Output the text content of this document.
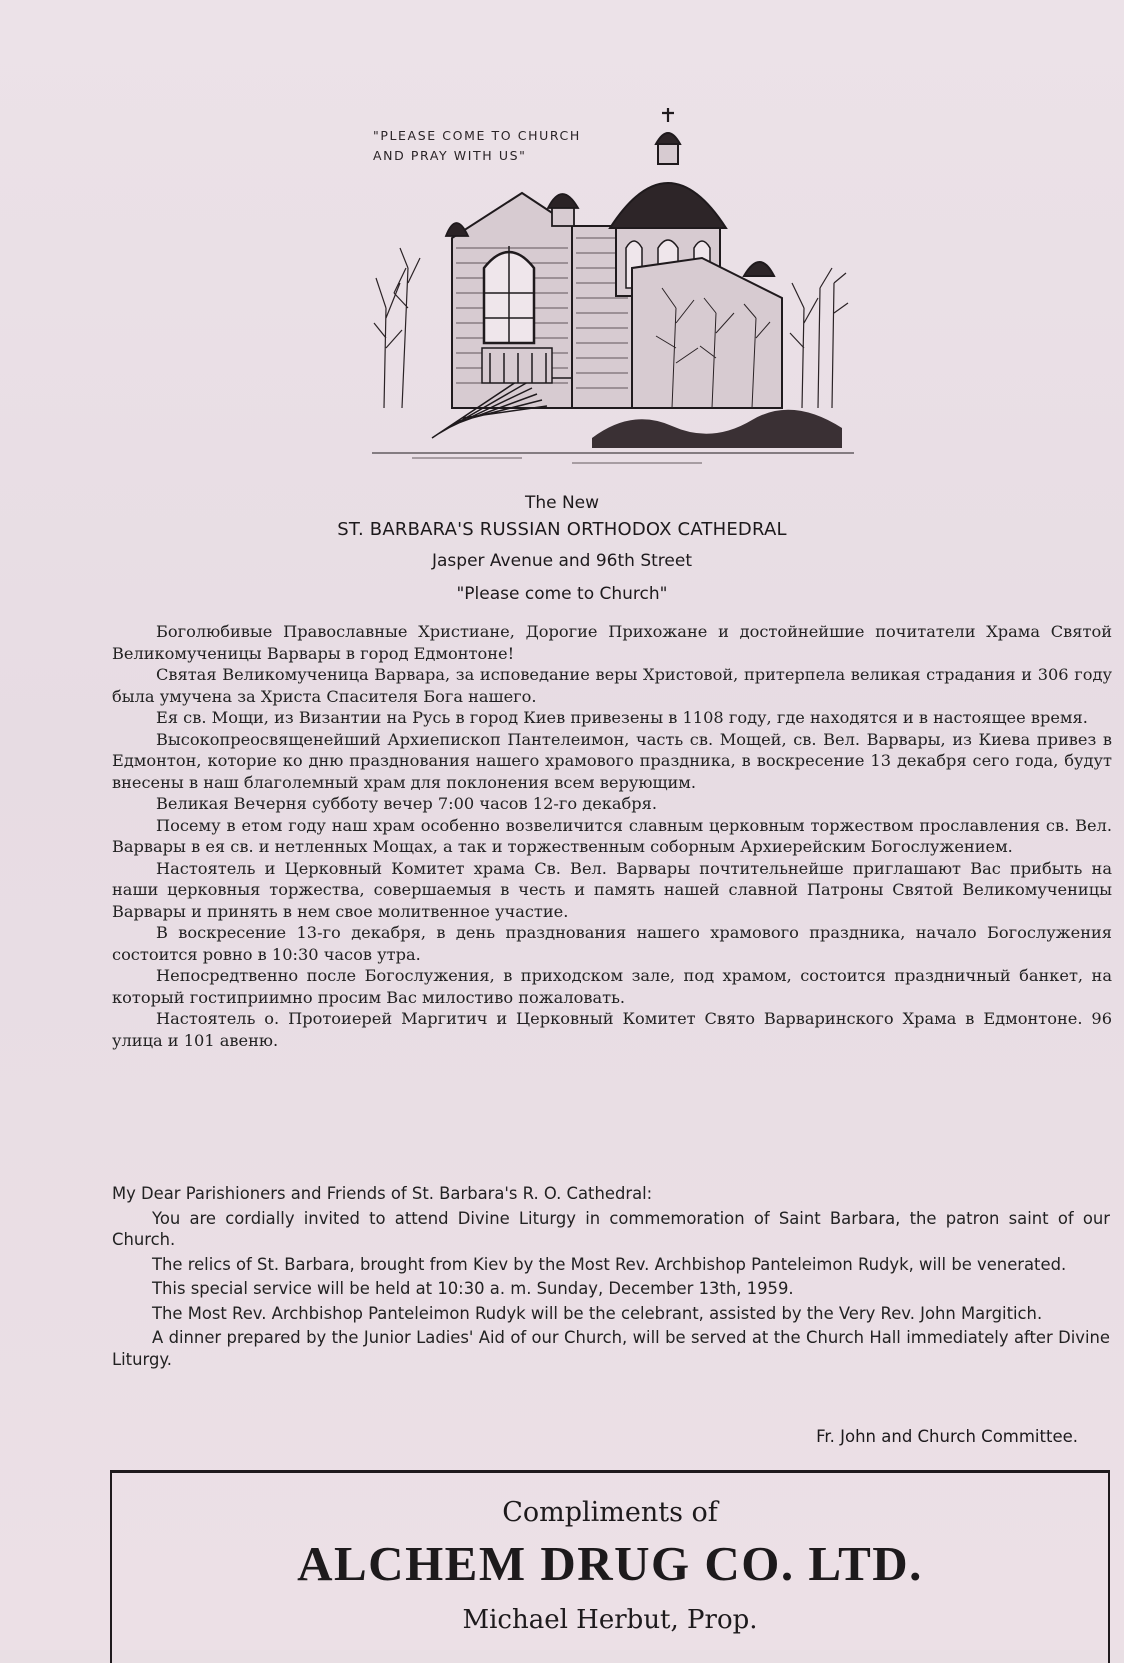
"PLEASE COME TO CHURCH
AND PRAY WITH US"
The New
ST. BARBARA'S RUSSIAN ORTHODOX CATHEDRAL
Jasper Avenue and 96th Street
"Please come to Church"

Боголюбивые Православные Христиане, Дорогие Прихожане и достойнейшие почитатели Храма Святой Великомученицы Варвары в город Едмонтоне!

Святая Великомученица Варвара, за исповедание веры Христовой, притерпела великая страдания и 306 году была умучена за Христа Спасителя Бога нашего.

Ея св. Мощи, из Византии на Русь в город Киев привезены в 1108 году, где находятся и в настоящее время.

Высокопреосвященейший Архиепископ Пантелеимон, часть св. Мощей, св. Вел. Варвары, из Киева привез в Едмонтон, которие ко дню празднования нашего храмового праздника, в воскресение 13 декабря сего года, будут внесены в наш благолемный храм для поклонения всем верующим.

Великая Вечерня субботу вечер 7:00 часов 12-го декабря.

Посему в етом году наш храм особенно возвеличится славным церковным торжеством прославления св. Вел. Варвары в ея св. и нетленных Мощах, а так и торжественным соборным Архиерейским Богослужением.

Настоятель и Церковный Комитет храма Св. Вел. Варвары почтительнейше приглашают Вас прибыть на наши церковныя торжества, совершаемыя в честь и память нашей славной Патроны Святой Великомученицы Варвары и принять в нем свое молитвенное участие.

В воскресение 13-го декабря, в день празднования нашего храмового праздника, начало Богослужения состоится ровно в 10:30 часов утра.

Непосредтвенно после Богослужения, в приходском зале, под храмом, состоится праздничный банкет, на который гостиприимно просим Вас милостиво пожаловать.

Настоятель о. Протоиерей Маргитич и Церковный Комитет Свято Варваринского Храма в Едмонтоне. 96 улица и 101 авеню.

My Dear Parishioners and Friends of St. Barbara's R. O. Cathedral:

You are cordially invited to attend Divine Liturgy in commemoration of Saint Barbara, the patron saint of our Church.

The relics of St. Barbara, brought from Kiev by the Most Rev. Archbishop Panteleimon Rudyk, will be venerated.

This special service will be held at 10:30 a. m. Sunday, December 13th, 1959.

The Most Rev. Archbishop Panteleimon Rudyk will be the celebrant, assisted by the Very Rev. John Margitich.

A dinner prepared by the Junior Ladies' Aid of our Church, will be served at the Church Hall immediately after Divine Liturgy.

Fr. John and Church Committee.
Compliments of
ALCHEM DRUG CO. LTD.
Michael Herbut, Prop.
